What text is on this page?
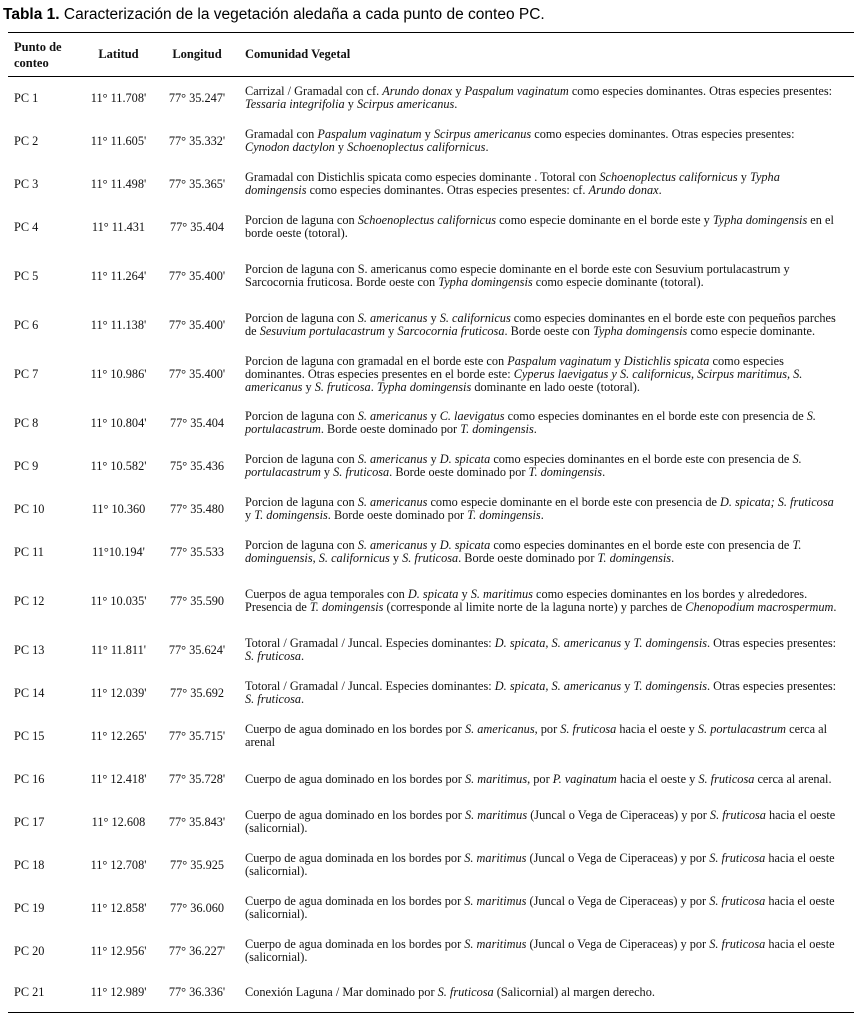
Tabla 1. Caracterización de la vegetación aledaña a cada punto de conteo PC.
Punto de conteo	Latitud	Longitud	Comunidad Vegetal
PC 1	11° 11.708'	77° 35.247'	Carrizal / Gramadal con cf. Arundo donax y Paspalum vaginatum como especies dominantes. Otras especies presentes: Tessaria integrifolia y Scirpus americanus.
PC 2	11° 11.605'	77° 35.332'	Gramadal con Paspalum vaginatum y Scirpus americanus como especies dominantes. Otras especies presentes: Cynodon dactylon y Schoenoplectus californicus.
PC 3	11° 11.498'	77° 35.365'	Gramadal con Distichlis spicata como especies dominante . Totoral con Schoenoplectus californicus y Typha domingensis como especies dominantes. Otras especies presentes: cf. Arundo donax.
PC 4	11° 11.431	77° 35.404	Porcion de laguna con Schoenoplectus californicus como especie dominante en el borde este y Typha domingensis en el borde oeste (totoral).
PC 5	11° 11.264'	77° 35.400'	Porcion de laguna con S. americanus como especie dominante en el borde este con Sesuvium portulacastrum y Sarcocornia fruticosa. Borde oeste con Typha domingensis como especie dominante (totoral).
PC 6	11° 11.138'	77° 35.400'	Porcion de laguna con S. americanus y S. californicus como especies dominantes en el borde este con pequeños parches de Sesuvium portulacastrum y Sarcocornia fruticosa. Borde oeste con Typha domingensis como especie dominante.
PC 7	11° 10.986'	77° 35.400'	Porcion de laguna con gramadal en el borde este con Paspalum vaginatum y Distichlis spicata como especies dominantes. Otras especies presentes en el borde este: Cyperus laevigatus y S. californicus, Scirpus maritimus, S. americanus y S. fruticosa. Typha domingensis dominante en lado oeste (totoral).
PC 8	11° 10.804'	77° 35.404	Porcion de laguna con S. americanus y C. laevigatus como especies dominantes en el borde este con presencia de S. portulacastrum. Borde oeste dominado por T. domingensis.
PC 9	11° 10.582'	75° 35.436	Porcion de laguna con S. americanus y D. spicata como especies dominantes en el borde este con presencia de S. portulacastrum y S. fruticosa. Borde oeste dominado por T. domingensis.
PC 10	11° 10.360	77° 35.480	Porcion de laguna con S. americanus como especie dominante en el borde este con presencia de D. spicata; S. fruticosa y T. domingensis. Borde oeste dominado por T. domingensis.
PC 11	11°10.194'	77° 35.533	Porcion de laguna con S. americanus y D. spicata como especies dominantes en el borde este con presencia de T. dominguensis, S. californicus y S. fruticosa. Borde oeste dominado por T. domingensis.
PC 12	11° 10.035'	77° 35.590	Cuerpos de agua temporales con D. spicata y S. maritimus como especies dominantes en los bordes y alrededores. Presencia de T. domingensis (corresponde al limite norte de la laguna norte) y parches de Chenopodium macrospermum.
PC 13	11° 11.811'	77° 35.624'	Totoral / Gramadal / Juncal. Especies dominantes: D. spicata, S. americanus y T. domingensis. Otras especies presentes: S. fruticosa.
PC 14	11° 12.039'	77° 35.692	Totoral / Gramadal / Juncal. Especies dominantes: D. spicata, S. americanus y T. domingensis. Otras especies presentes: S. fruticosa.
PC 15	11° 12.265'	77° 35.715'	Cuerpo de agua dominado en los bordes por S. americanus, por S. fruticosa hacia el oeste y S. portulacastrum cerca al arenal
PC 16	11° 12.418'	77° 35.728'	Cuerpo de agua dominado en los bordes por S. maritimus, por P. vaginatum hacia el oeste y S. fruticosa cerca al arenal.
PC 17	11° 12.608	77° 35.843'	Cuerpo de agua dominado en los bordes por S. maritimus (Juncal o Vega de Ciperaceas) y por S. fruticosa hacia el oeste (salicornial).
PC 18	11° 12.708'	77° 35.925	Cuerpo de agua dominada en los bordes por S. maritimus (Juncal o Vega de Ciperaceas) y por S. fruticosa hacia el oeste (salicornial).
PC 19	11° 12.858'	77° 36.060	Cuerpo de agua dominada en los bordes por S. maritimus (Juncal o Vega de Ciperaceas) y por S. fruticosa hacia el oeste (salicornial).
PC 20	11° 12.956'	77° 36.227'	Cuerpo de agua dominada en los bordes por S. maritimus (Juncal o Vega de Ciperaceas) y por S. fruticosa hacia el oeste (salicornial).
PC 21	11° 12.989'	77° 36.336'	Conexión Laguna / Mar dominado por S. fruticosa (Salicornial) al margen derecho.
